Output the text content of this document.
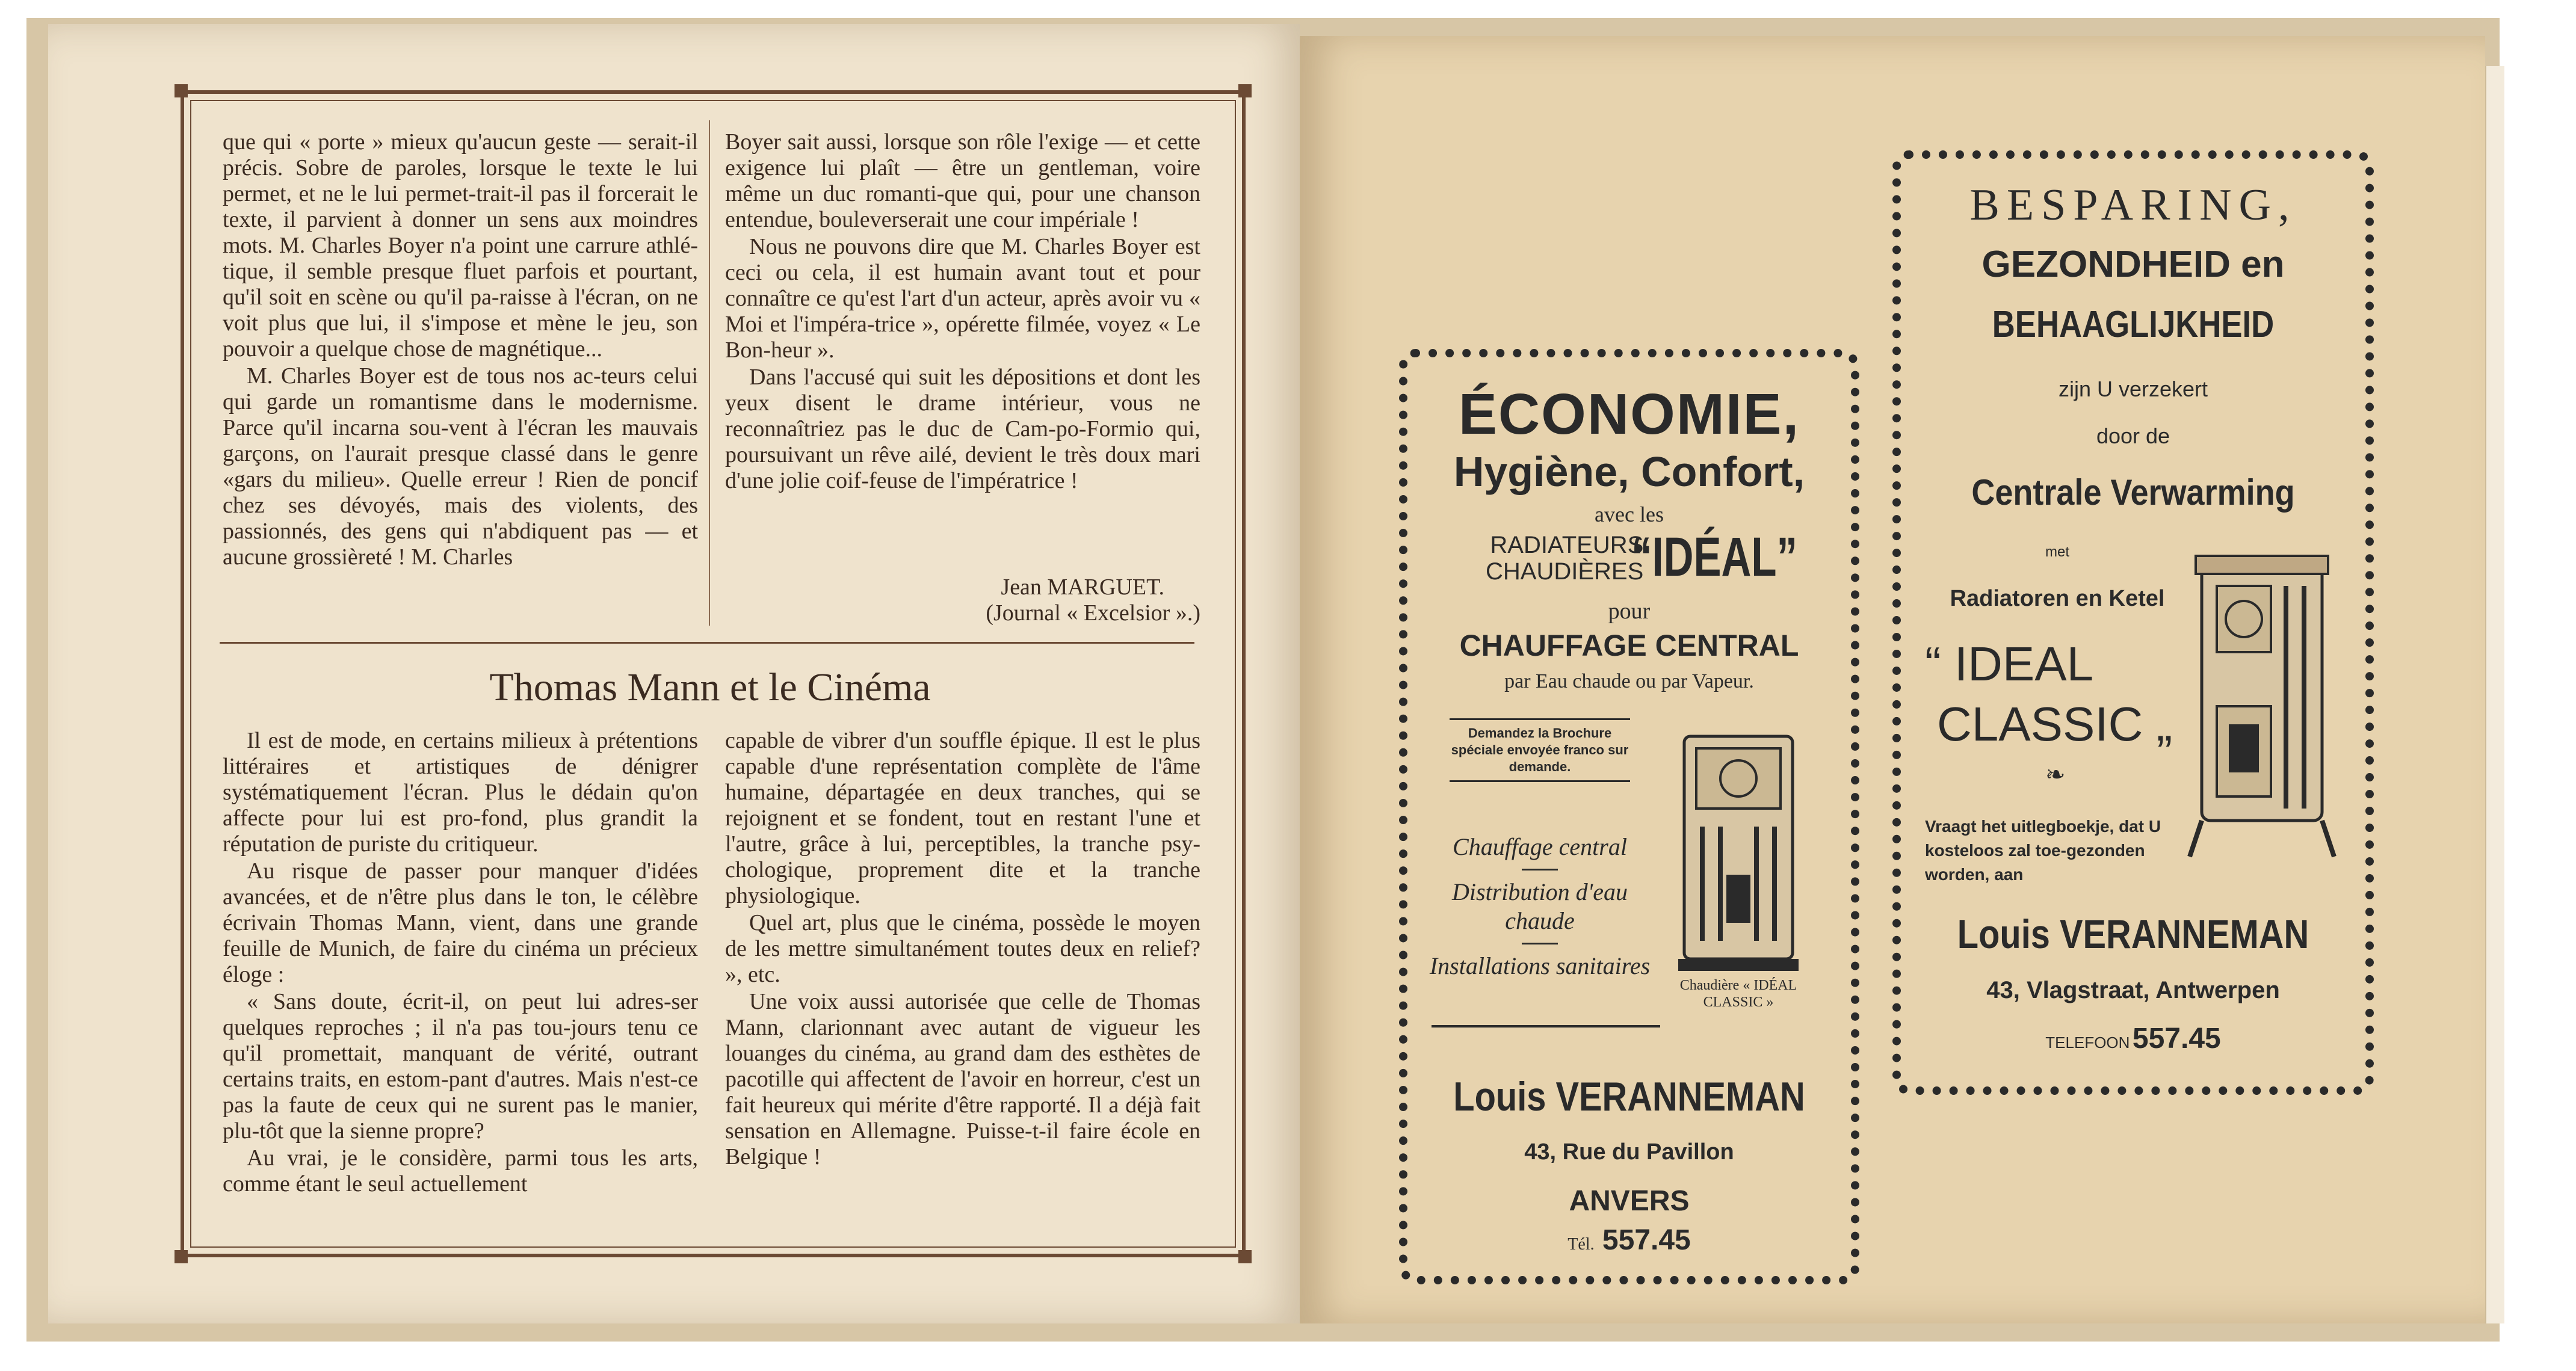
que qui « porte » mieux qu'aucun geste — serait-il précis. Sobre de paroles, lorsque le texte le lui permet, et ne le lui permet-trait-il pas il forcerait le texte, il parvient à donner un sens aux moindres mots. M. Charles Boyer n'a point une carrure athlé-tique, il semble presque fluet parfois et pourtant, qu'il soit en scène ou qu'il pa-raisse à l'écran, on ne voit plus que lui, il s'impose et mène le jeu, son pouvoir a quelque chose de magnétique...

M. Charles Boyer est de tous nos ac-teurs celui qui garde un romantisme dans le modernisme. Parce qu'il incarna sou-vent à l'écran les mauvais garçons, on l'aurait presque classé dans le genre «gars du milieu». Quelle erreur ! Rien de poncif chez ses dévoyés, mais des violents, des passionnés, des gens qui n'abdiquent pas — et aucune grossièreté ! M. Charles

Boyer sait aussi, lorsque son rôle l'exige — et cette exigence lui plaît — être un gentleman, voire même un duc romanti-que qui, pour une chanson entendue, bouleverserait une cour impériale !

Nous ne pouvons dire que M. Charles Boyer est ceci ou cela, il est humain avant tout et pour connaître ce qu'est l'art d'un acteur, après avoir vu « Moi et l'impéra-trice », opérette filmée, voyez « Le Bon-heur ».

Dans l'accusé qui suit les dépositions et dont les yeux disent le drame intérieur, vous ne reconnaîtriez pas le duc de Cam-po-Formio qui, poursuivant un rêve ailé, devient le très doux mari d'une jolie coif-feuse de l'impératrice !

Jean MARGUET.
(Journal « Excelsior ».)
Thomas Mann et le Cinéma

Il est de mode, en certains milieux à prétentions littéraires et artistiques de dénigrer systématiquement l'écran. Plus le dédain qu'on affecte pour lui est pro-fond, plus grandit la réputation de puriste du critiqueur.

Au risque de passer pour manquer d'idées avancées, et de n'être plus dans le ton, le célèbre écrivain Thomas Mann, vient, dans une grande feuille de Munich, de faire du cinéma un précieux éloge :

« Sans doute, écrit-il, on peut lui adres-ser quelques reproches ; il n'a pas tou-jours tenu ce qu'il promettait, manquant de vérité, outrant certains traits, en estom-pant d'autres. Mais n'est-ce pas la faute de ceux qui ne surent pas le manier, plu-tôt que la sienne propre?

Au vrai, je le considère, parmi tous les arts, comme étant le seul actuellement

capable de vibrer d'un souffle épique. Il est le plus capable d'une représentation complète de l'âme humaine, départagée en deux tranches, qui se rejoignent et se fondent, tout en restant l'une et l'autre, grâce à lui, perceptibles, la tranche psy-chologique, proprement dite et la tranche physiologique.

Quel art, plus que le cinéma, possède le moyen de les mettre simultanément toutes deux en relief? », etc.

Une voix aussi autorisée que celle de Thomas Mann, clarionnant avec autant de vigueur les louanges du cinéma, au grand dam des esthètes de pacotille qui affectent de l'avoir en horreur, c'est un fait heureux qui mérite d'être rapporté. Il a déjà fait sensation en Allemagne. Puisse-t-il faire école en Belgique !

ÉCONOMIE,
Hygiène, Confort,
avec les
RADIATEURS
CHAUDIÈRES
“IDÉAL”
pour
CHAUFFAGE CENTRAL
par Eau chaude ou par Vapeur.
Demandez la Brochure spéciale envoyée franco sur demande.
Chauffage central
Distribution d'eau chaude
Installations sanitaires
Chaudière « IDÉAL CLASSIC »
Louis VERANNEMAN
43, Rue du Pavillon
ANVERS
Tél. 557.45
BESPARING,
GEZONDHEID en
BEHAAGLIJKHEID
zijn U verzekert
door de
Centrale Verwarming
met
Radiatoren en Ketel
“ IDEAL
CLASSIC „
❧
Vraagt het uitlegboekje, dat U kosteloos zal toe-gezonden worden, aan
Louis VERANNEMAN
43, Vlagstraat, Antwerpen
TELEFOON 557.45
